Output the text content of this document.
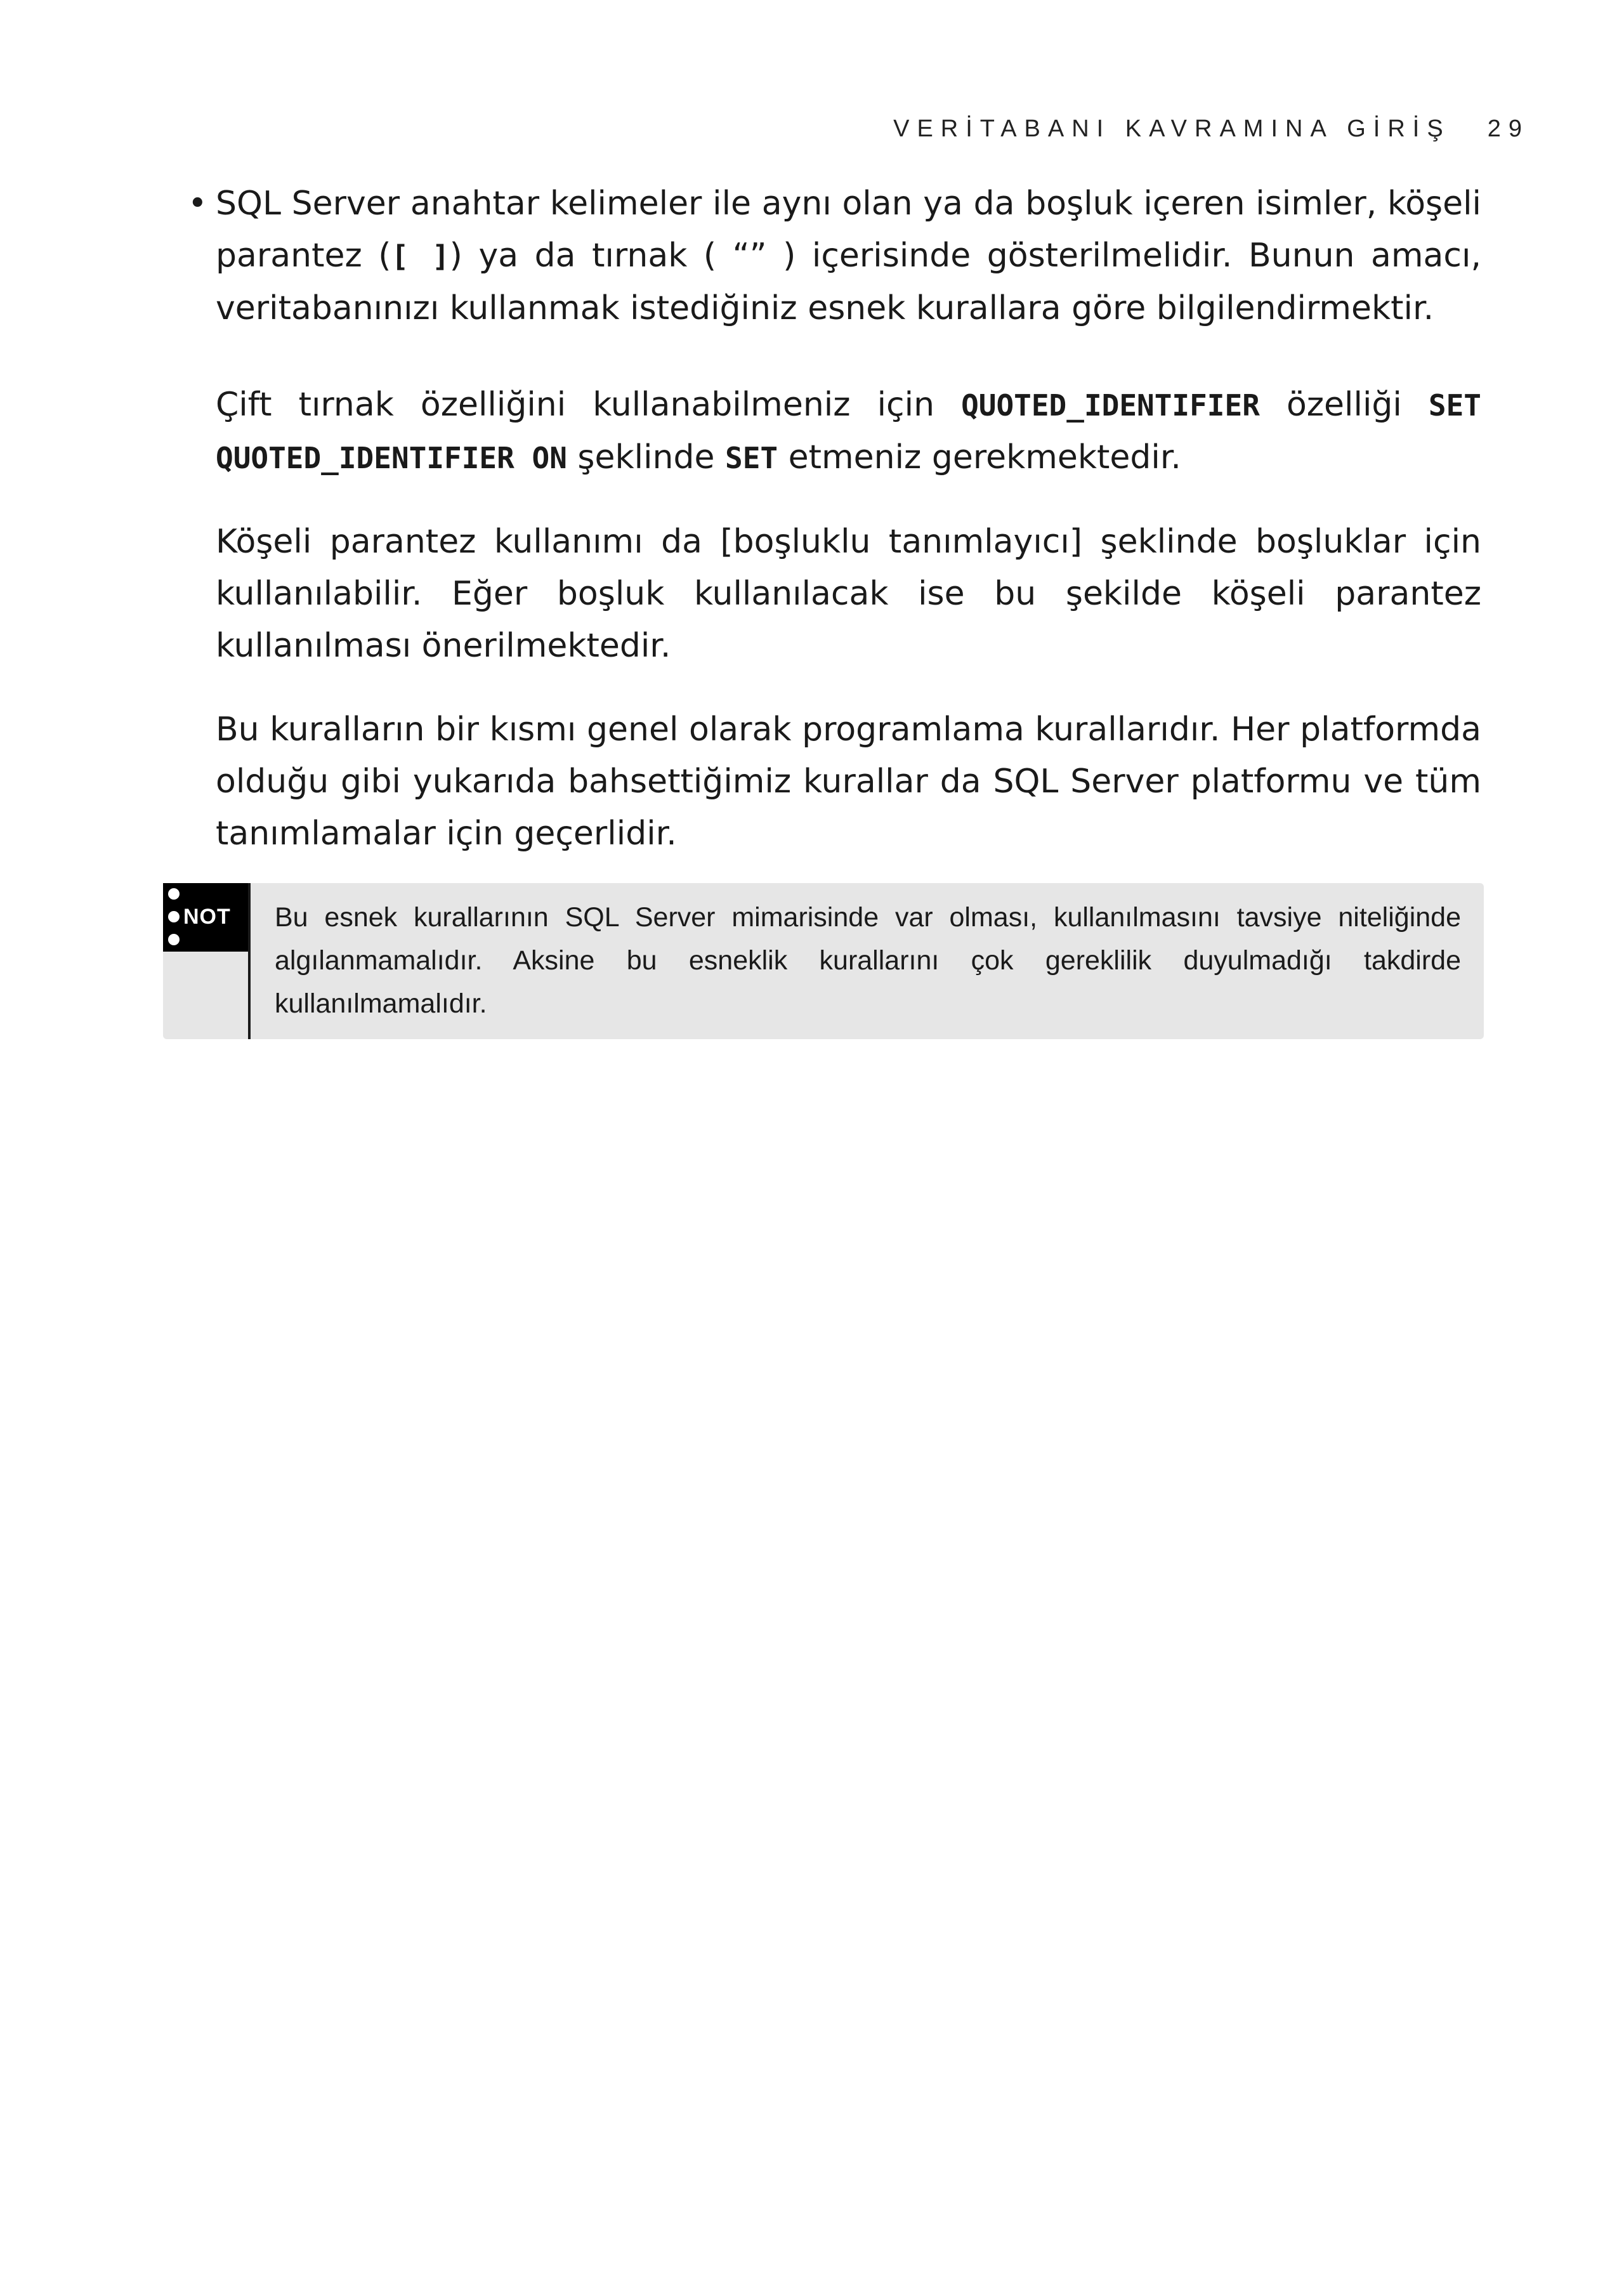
VERİTABANI KAVRAMINA GİRİŞ 29

• SQL Server anahtar kelimeler ile aynı olan ya da boşluk içeren isimler, köşeli parantez ([ ]) ya da tırnak ( “” ) içerisinde gösterilmelidir. Bunun amacı, veritabanınızı kullanmak istediğiniz esnek kurallara göre bilgilendirmektir.

Çift tırnak özelliğini kullanabilmeniz için QUOTED_IDENTIFIER özelliği SET QUOTED_IDENTIFIER ON şeklinde SET etmeniz gerekmektedir.

Köşeli parantez kullanımı da [boşluklu tanımlayıcı] şeklinde boşluklar için kullanılabilir. Eğer boşluk kullanılacak ise bu şekilde köşeli parantez kullanılması önerilmektedir.

Bu kuralların bir kısmı genel olarak programlama kurallarıdır. Her platformda olduğu gibi yukarıda bahsettiğimiz kurallar da SQL Server platformu ve tüm tanımlamalar için geçerlidir.

NOT Bu esnek kurallarının SQL Server mimarisinde var olması, kullanılmasını tavsiye niteliğinde algılanmamalıdır. Aksine bu esneklik kurallarını çok gereklilik duyulmadığı takdirde kullanılmamalıdır.
